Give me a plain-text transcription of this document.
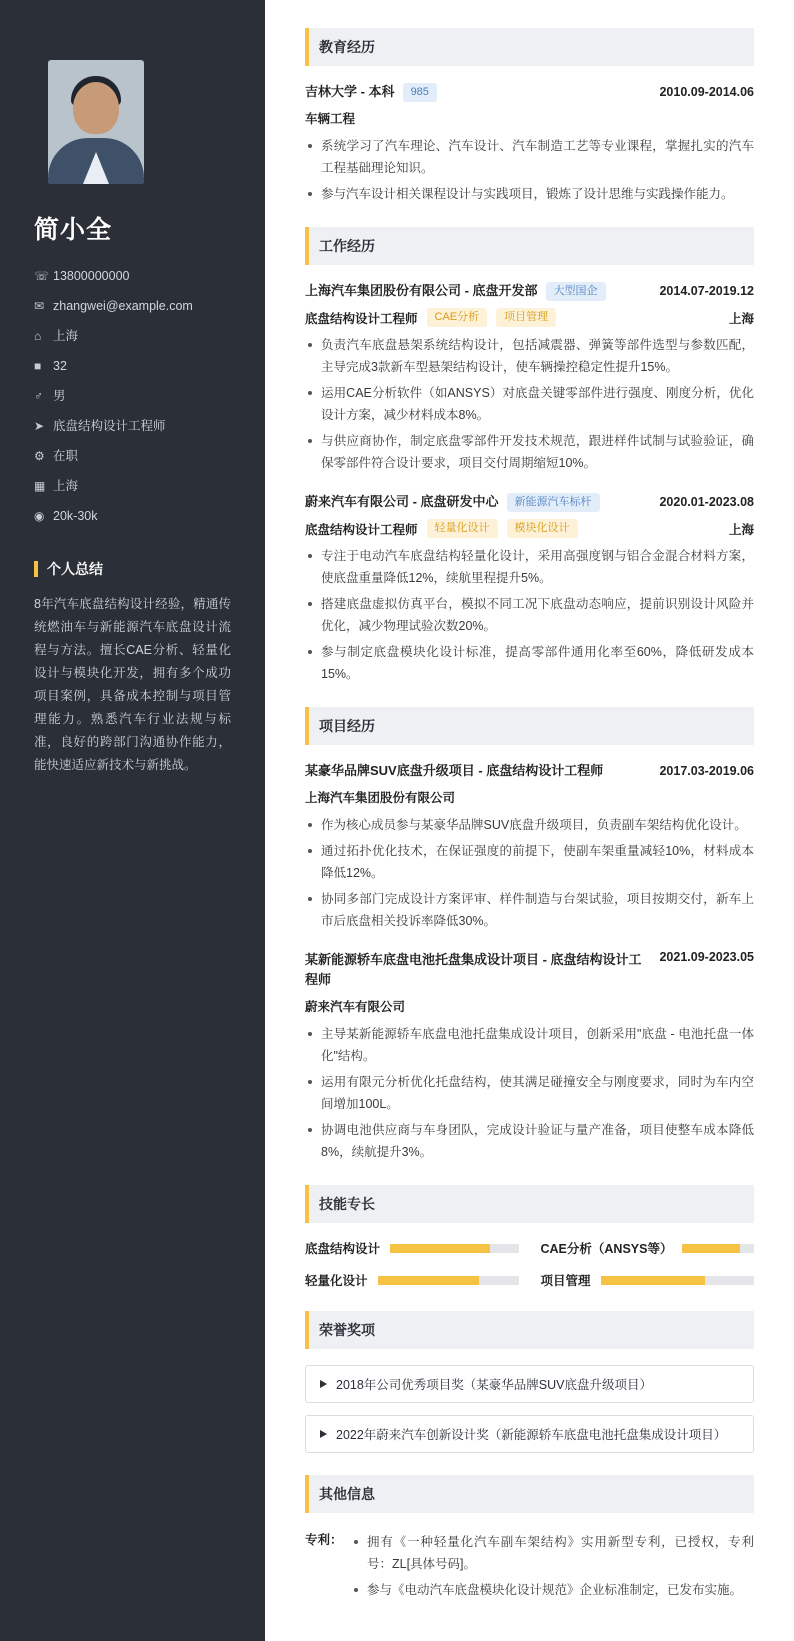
简小全
☏ 13800000000
✉ zhangwei@example.com
⌂ 上海
■ 32
♂ 男
➤ 底盘结构设计工程师
⚙ 在职
▦ 上海
◉ 20k-30k
个人总结
8年汽车底盘结构设计经验，精通传统燃油车与新能源汽车底盘设计流程与方法。擅长CAE分析、轻量化设计与模块化开发，拥有多个成功项目案例，具备成本控制与项目管理能力。熟悉汽车行业法规与标准，良好的跨部门沟通协作能力，能快速适应新技术与新挑战。
教育经历
吉林大学 - 本科	985	2010.09-2014.06
车辆工程
系统学习了汽车理论、汽车设计、汽车制造工艺等专业课程，掌握扎实的汽车工程基础理论知识。
参与汽车设计相关课程设计与实践项目，锻炼了设计思维与实践操作能力。
工作经历
上海汽车集团股份有限公司 - 底盘开发部	大型国企	2014.07-2019.12
底盘结构设计工程师	CAE分析	项目管理	上海
负责汽车底盘悬架系统结构设计，包括减震器、弹簧等部件选型与参数匹配，主导完成3款新车型悬架结构设计，使车辆操控稳定性提升15%。
运用CAE分析软件（如ANSYS）对底盘关键零部件进行强度、刚度分析，优化设计方案，减少材料成本8%。
与供应商协作，制定底盘零部件开发技术规范，跟进样件试制与试验验证，确保零部件符合设计要求，项目交付周期缩短10%。
蔚来汽车有限公司 - 底盘研发中心	新能源汽车标杆	2020.01-2023.08
底盘结构设计工程师	轻量化设计	模块化设计	上海
专注于电动汽车底盘结构轻量化设计，采用高强度钢与铝合金混合材料方案，使底盘重量降低12%，续航里程提升5%。
搭建底盘虚拟仿真平台，模拟不同工况下底盘动态响应，提前识别设计风险并优化，减少物理试验次数20%。
参与制定底盘模块化设计标准，提高零部件通用化率至60%，降低研发成本15%。
项目经历
某豪华品牌SUV底盘升级项目 - 底盘结构设计工程师	2017.03-2019.06
上海汽车集团股份有限公司
作为核心成员参与某豪华品牌SUV底盘升级项目，负责副车架结构优化设计。
通过拓扑优化技术，在保证强度的前提下，使副车架重量减轻10%，材料成本降低12%。
协同多部门完成设计方案评审、样件制造与台架试验，项目按期交付，新车上市后底盘相关投诉率降低30%。
某新能源轿车底盘电池托盘集成设计项目 - 底盘结构设计工程师
2021.09-2023.05
蔚来汽车有限公司
主导某新能源轿车底盘电池托盘集成设计项目，创新采用"底盘 - 电池托盘一体化"结构。
运用有限元分析优化托盘结构，使其满足碰撞安全与刚度要求，同时为车内空间增加100L。
协调电池供应商与车身团队，完成设计验证与量产准备，项目使整车成本降低8%，续航提升3%。
技能专长
底盘结构设计	CAE分析（ANSYS等）
轻量化设计	项目管理
荣誉奖项
2018年公司优秀项目奖（某豪华品牌SUV底盘升级项目）
2022年蔚来汽车创新设计奖（新能源轿车底盘电池托盘集成设计项目）
其他信息
专利：	拥有《一种轻量化汽车副车架结构》实用新型专利，已授权，专利号：ZL[具体号码]。
参与《电动汽车底盘模块化设计规范》企业标准制定，已发布实施。
